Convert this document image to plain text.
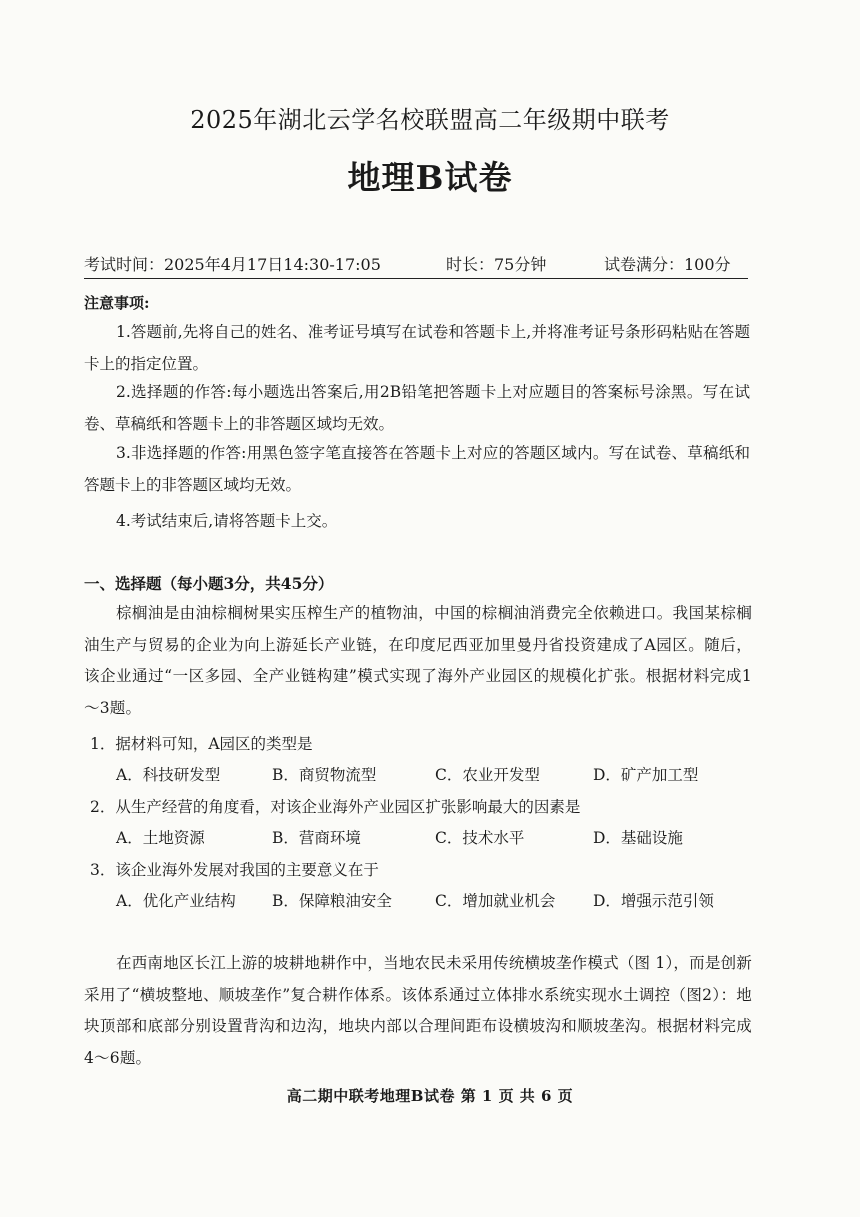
2025年湖北云学名校联盟高二年级期中联考
地理B试卷
考试时间：2025年4月17日14:30-17:05	时长：75分钟	试卷满分：100分
注意事项:
1.答题前,先将自己的姓名、准考证号填写在试卷和答题卡上,并将准考证号条形码粘贴在答题卡上的指定位置。
2.选择题的作答:每小题选出答案后,用2B铅笔把答题卡上对应题目的答案标号涂黑。写在试卷、草稿纸和答题卡上的非答题区域均无效。
3.非选择题的作答:用黑色签字笔直接答在答题卡上对应的答题区域内。写在试卷、草稿纸和答题卡上的非答题区域均无效。
4.考试结束后,请将答题卡上交。
一、选择题（每小题3分，共45分）
棕榈油是由油棕榈树果实压榨生产的植物油，中国的棕榈油消费完全依赖进口。我国某棕榈油生产与贸易的企业为向上游延长产业链，在印度尼西亚加里曼丹省投资建成了A园区。随后，该企业通过“一区多园、全产业链构建”模式实现了海外产业园区的规模化扩张。根据材料完成1～3题。
1．据材料可知，A园区的类型是
A．科技研发型	B．商贸物流型	C．农业开发型	D．矿产加工型
2．从生产经营的角度看，对该企业海外产业园区扩张影响最大的因素是
A．土地资源	B．营商环境	C．技术水平	D．基础设施
3．该企业海外发展对我国的主要意义在于
A．优化产业结构 B．保障粮油安全	C．增加就业机会 D．增强示范引领
在西南地区长江上游的坡耕地耕作中，当地农民未采用传统横坡垄作模式（图 1），而是创新采用了“横坡整地、顺坡垄作”复合耕作体系。该体系通过立体排水系统实现水土调控（图2）：地块顶部和底部分别设置背沟和边沟，地块内部以合理间距布设横坡沟和顺坡垄沟。根据材料完成4～6题。
高二期中联考地理B试卷 第 1 页 共 6 页
